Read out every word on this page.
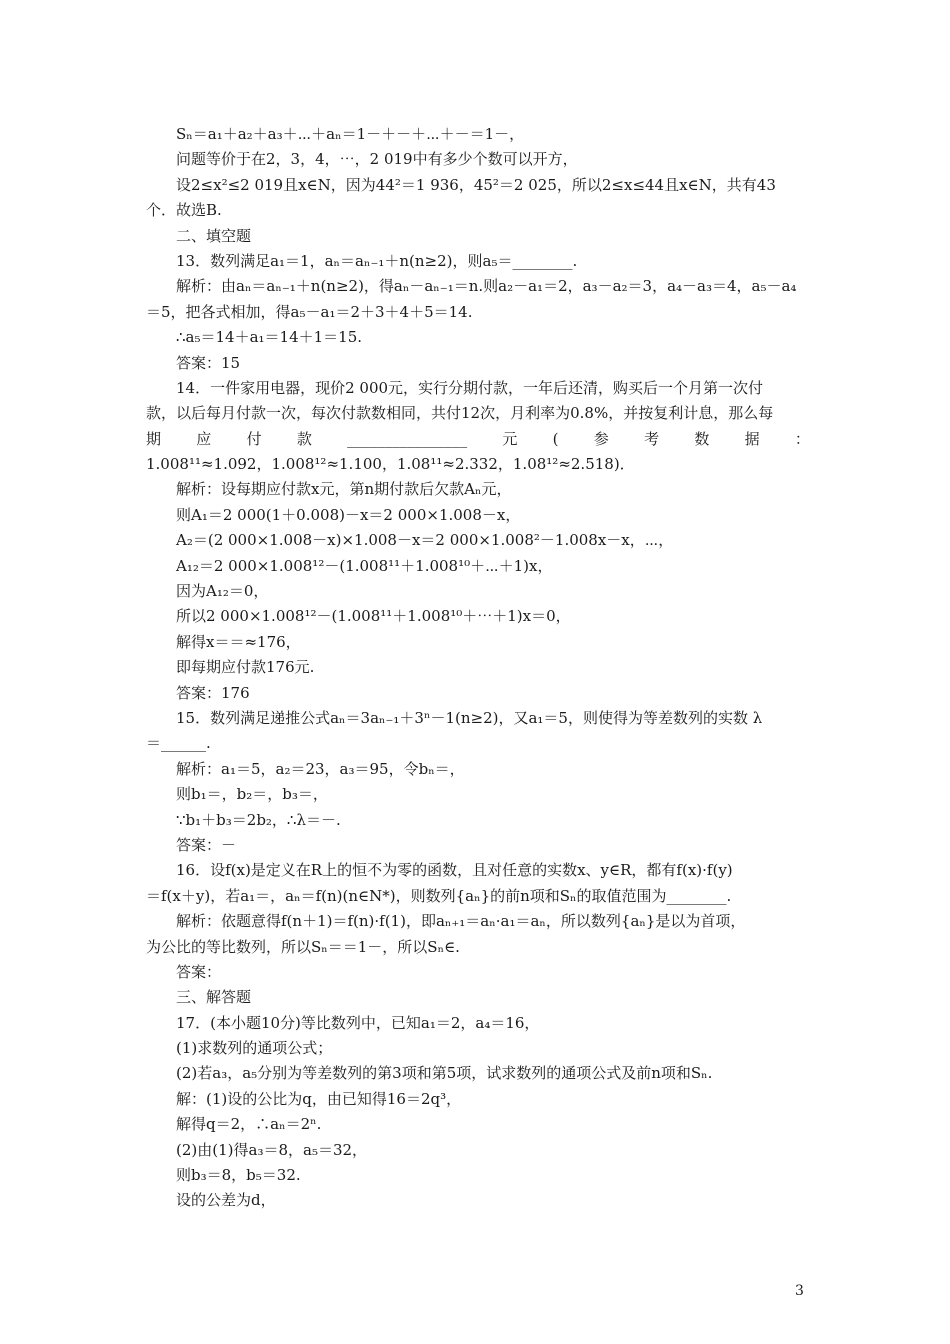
Sₙ＝a₁＋a₂＋a₃＋⋯＋aₙ＝1－＋－＋⋯＋－＝1－，
问题等价于在2，3，4，⋯，2 019中有多少个数可以开方，
设2≤x²≤2 019且x∈N，因为44²＝1 936，45²＝2 025，所以2≤x≤44且x∈N，共有43
个．故选B.
二、填空题
13．数列满足a₁＝1，aₙ＝aₙ₋₁＋n(n≥2)，则a₅＝________.
解析：由aₙ＝aₙ₋₁＋n(n≥2)，得aₙ－aₙ₋₁＝n.则a₂－a₁＝2，a₃－a₂＝3，a₄－a₃＝4，a₅－a₄
＝5，把各式相加，得a₅－a₁＝2＋3＋4＋5＝14.
∴a₅＝14＋a₁＝14＋1＝15.
答案：15
14．一件家用电器，现价2 000元，实行分期付款，一年后还清，购买后一个月第一次付
款，以后每月付款一次，每次付款数相同，共付12次，月利率为0.8%，并按复利计息，那么每
期 应 付 款 ________________ 元 ( 参 考 数 据 ：
1.008¹¹≈1.092，1.008¹²≈1.100，1.08¹¹≈2.332，1.08¹²≈2.518)．
解析：设每期应付款x元，第n期付款后欠款Aₙ元，
则A₁＝2 000(1＋0.008)－x＝2 000×1.008－x，
A₂＝(2 000×1.008－x)×1.008－x＝2 000×1.008²－1.008x－x，⋯，
A₁₂＝2 000×1.008¹²－(1.008¹¹＋1.008¹⁰＋⋯＋1)x，
因为A₁₂＝0，
所以2 000×1.008¹²－(1.008¹¹＋1.008¹⁰＋⋯＋1)x＝0，
解得x＝＝≈176，
即每期应付款176元.
答案：176
15．数列满足递推公式aₙ＝3aₙ₋₁＋3ⁿ－1(n≥2)，又a₁＝5，则使得为等差数列的实数 λ
＝______.
解析：a₁＝5，a₂＝23，a₃＝95，令bₙ＝，
则b₁＝，b₂＝，b₃＝，
∵b₁＋b₃＝2b₂，∴λ＝－.
答案：－
16．设f(x)是定义在R上的恒不为零的函数，且对任意的实数x、y∈R，都有f(x)·f(y)
＝f(x＋y)，若a₁＝，aₙ＝f(n)(n∈N*)，则数列{aₙ}的前n项和Sₙ的取值范围为________.
解析：依题意得f(n＋1)＝f(n)·f(1)，即aₙ₊₁＝aₙ·a₁＝aₙ，所以数列{aₙ}是以为首项，
为公比的等比数列，所以Sₙ＝＝1－，所以Sₙ∈.
答案：
三、解答题
17．(本小题10分)等比数列中，已知a₁＝2，a₄＝16，
(1)求数列的通项公式；
(2)若a₃，a₅分别为等差数列的第3项和第5项，试求数列的通项公式及前n项和Sₙ.
解：(1)设的公比为q，由已知得16＝2q³，
解得q＝2，∴aₙ＝2ⁿ.
(2)由(1)得a₃＝8，a₅＝32，
则b₃＝8，b₅＝32.
设的公差为d，
3
